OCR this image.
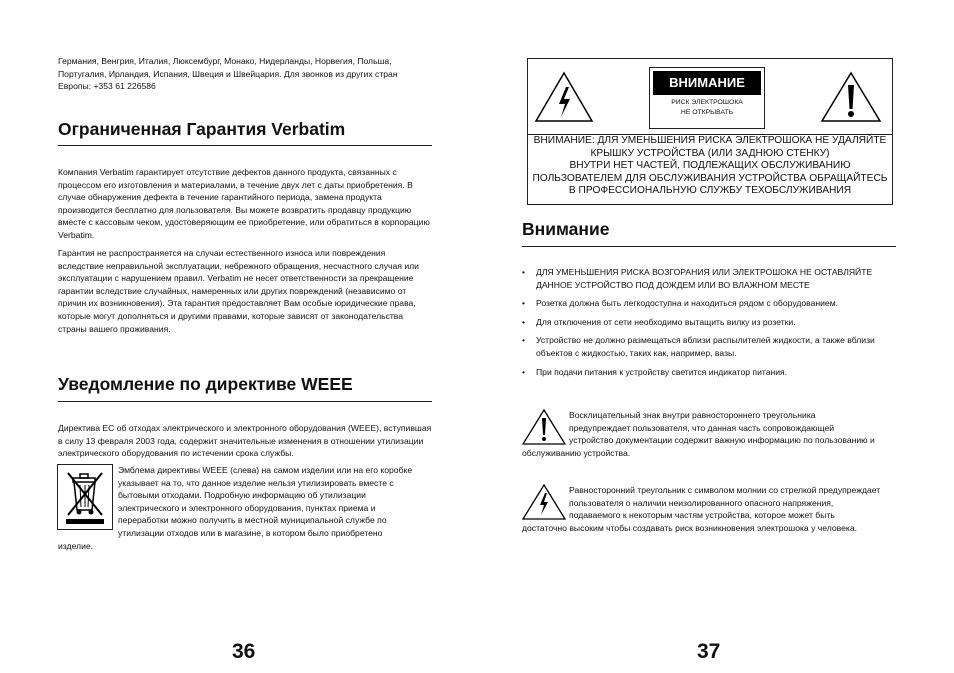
Германия, Венгрия, Италия, Люксембург, Монако, Нидерланды, Норвегия, Польша, Португалия, Ирландия, Испания, Швеция и Швейцария. Для звонков из других стран Европы: +353 61 226586
Ограниченная Гарантия Verbatim
Компания Verbatim гарантирует отсутствие дефектов данного продукта, связанных с процессом его изготовления и материалами, в течение двух лет с даты приобретения. В случае обнаружения дефекта в течение гарантийного периода, замена продукта производится бесплатно для пользователя. Вы можете возвратить продавцу продукцию вместе с кассовым чеком, удостоверяющим ее приобретение, или обратиться в корпорацию Verbatim.
Гарантия не распространяется на случаи естественного износа или повреждения вследствие неправильной эксплуатации, небрежного обращения, несчастного случая или эксплуатации с нарушением правил. Verbatim не несет ответственности за прекращение гарантии вследствие случайных, намеренных или других повреждений (независимо от причин их возникновения). Эта гарантия предоставляет Вам особые юридические права, которые могут дополняться и другими правами, которые зависят от законодательства страны вашего проживания.
Уведомление по директиве WEEE
Директива ЕС об отходах электрического и электронного оборудования (WEEE), вступившая в силу 13 февраля 2003 года, содержит значительные изменения в отношении утилизации электрического оборудования по истечении срока службы.
Эмблема директивы WEEE (слева) на самом изделии или на его коробке указывает на то, что данное изделие нельзя утилизировать вместе с бытовыми отходами. Подробную информацию об утилизации электрического и электронного оборудования, пунктах приема и переработки можно получить в местной муниципальной службе по утилизации отходов или в магазине, в котором было приобретено изделие.
36
ВНИМАНИЕ
РИСК ЭЛЕКТРОШОКА
НЕ ОТКРЫВАТЬ
ВНИМАНИЕ: ДЛЯ УМЕНЬШЕНИЯ РИСКА ЭЛЕКТРОШОКА НЕ УДАЛЯЙТЕ
КРЫШКУ УСТРОЙСТВА (ИЛИ ЗАДНЮЮ СТЕНКУ)
ВНУТРИ НЕТ ЧАСТЕЙ, ПОДЛЕЖАЩИХ ОБСЛУЖИВАНИЮ
ПОЛЬЗОВАТЕЛЕМ ДЛЯ ОБСЛУЖИВАНИЯ УСТРОЙСТВА ОБРАЩАЙТЕСЬ
В ПРОФЕССИОНАЛЬНУЮ СЛУЖБУ ТЕХОБСЛУЖИВАНИЯ
Внимание
• ДЛЯ УМЕНЬШЕНИЯ РИСКА ВОЗГОРАНИЯ ИЛИ ЭЛЕКТРОШОКА НЕ ОСТАВЛЯЙТЕ ДАННОЕ УСТРОЙСТВО ПОД ДОЖДЕМ ИЛИ ВО ВЛАЖНОМ МЕСТЕ
• Розетка должна быть легкодоступна и находиться рядом с оборудованием.
• Для отключения от сети необходимо вытащить вилку из розетки.
• Устройство не должно размещаться вблизи распылителей жидкости, а также вблизи объектов с жидкостью, таких как, например, вазы.
• При подачи питания к устройству светится индикатор питания.
Восклицательный знак внутри равностороннего треугольника предупреждает пользователя, что данная часть сопровождающей устройство документации содержит важную информацию по пользованию и обслуживанию устройства.
Равносторонний треугольник с символом молнии со стрелкой предупреждает пользователя о наличии неизолированного опасного напряжения, подаваемого к некоторым частям устройства, которое может быть достаточно высоким чтобы создавать риск возникновения электрошока у человека.
37
